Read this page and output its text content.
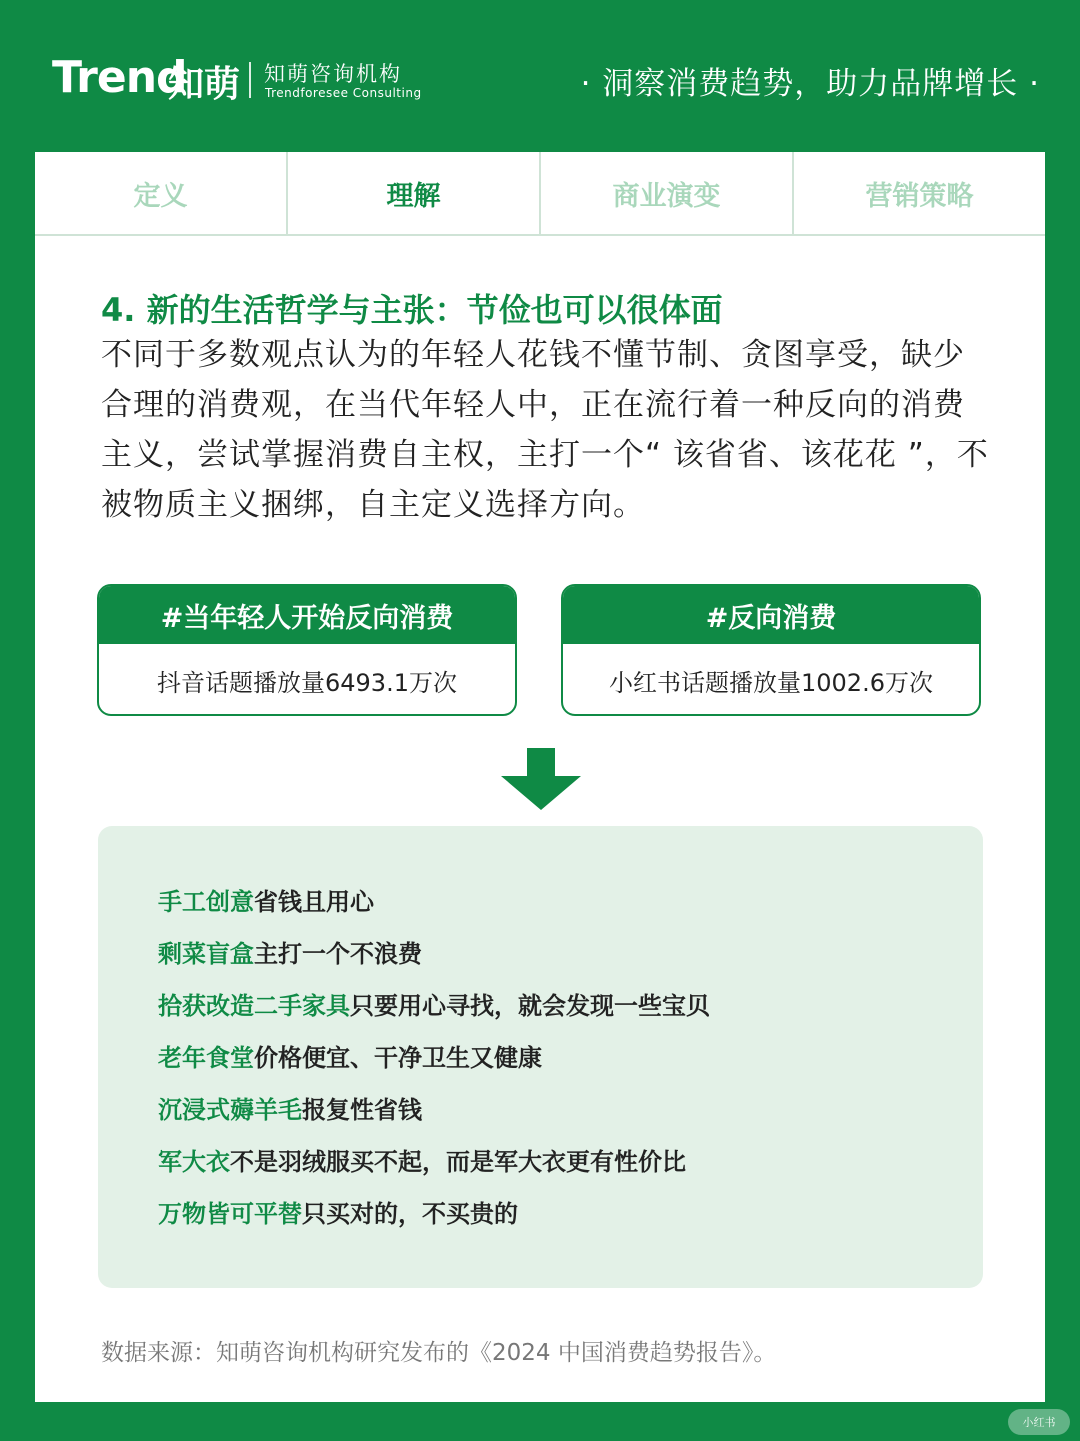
Trend
知萌 知萌咨询机构
Trendforesee Consulting	· 洞察消费趋势，助力品牌增长 ·
定义	理解	商业演变	营销策略
4. 新的生活哲学与主张：节俭也可以很体面
不同于多数观点认为的年轻人花钱不懂节制、贪图享受，缺少合理的消费观，在当代年轻人中，正在流行着一种反向的消费主义，尝试掌握消费自主权，主打一个“ 该省省、该花花 ”，不被物质主义捆绑，自主定义选择方向。
#当年轻人开始反向消费
抖音话题播放量6493.1万次
#反向消费
小红书话题播放量1002.6万次
手工创意省钱且用心
剩菜盲盒主打一个不浪费
拾获改造二手家具只要用心寻找，就会发现一些宝贝
老年食堂价格便宜、干净卫生又健康
沉浸式薅羊毛报复性省钱
军大衣不是羽绒服买不起，而是军大衣更有性价比
万物皆可平替只买对的，不买贵的
数据来源：知萌咨询机构研究发布的《2024 中国消费趋势报告》。
小红书
